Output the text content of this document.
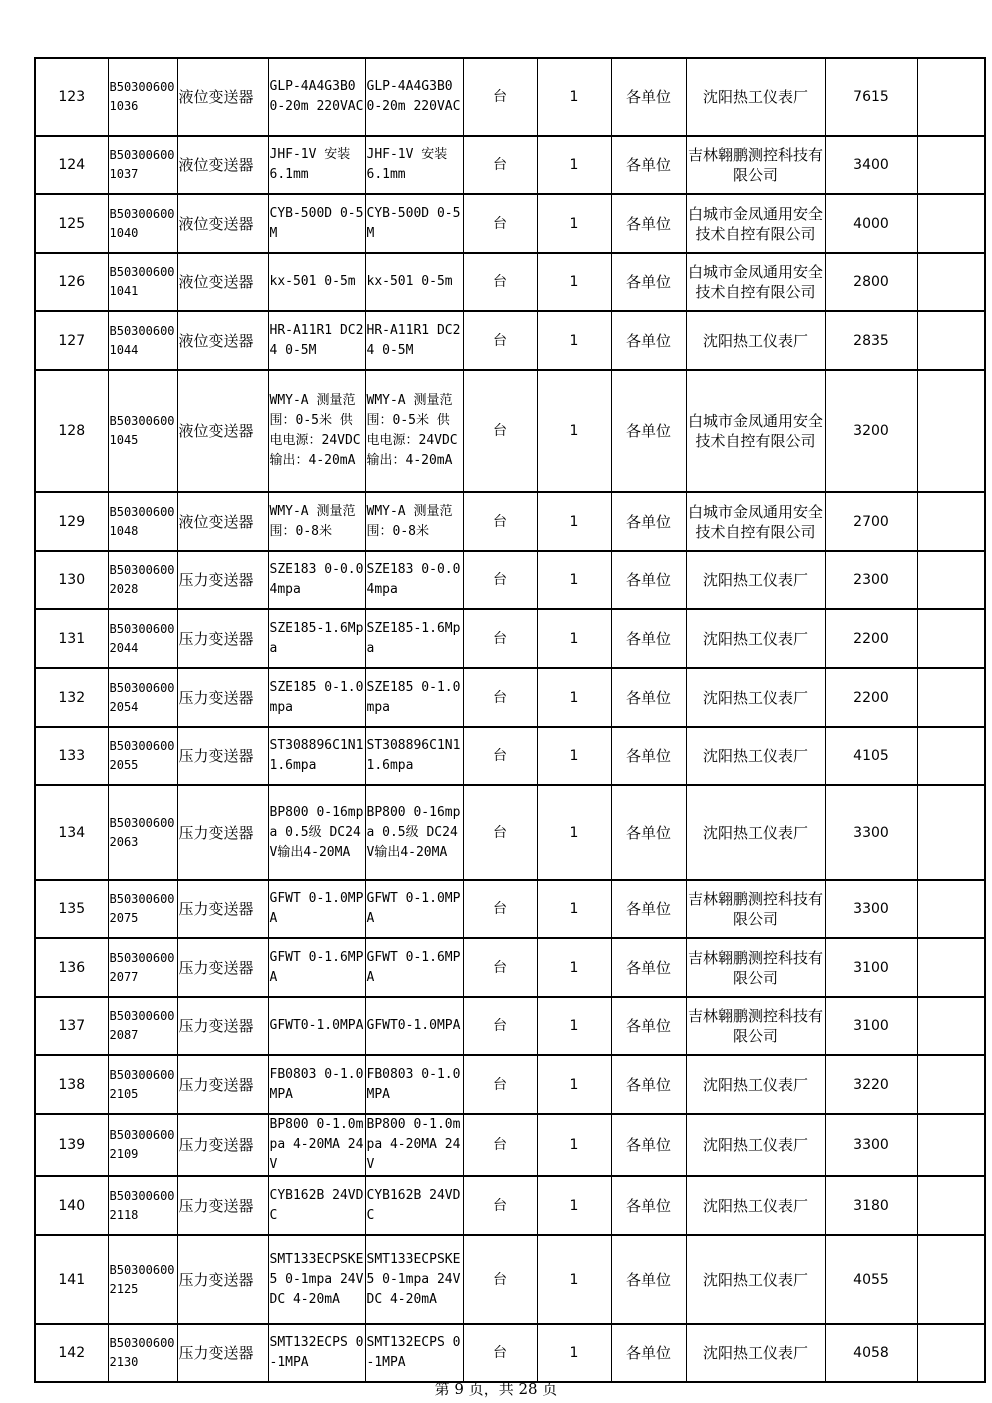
123	B503006001036	液位变送器	GLP-4A4G3B0 0-20m 220VAC	GLP-4A4G3B0 0-20m 220VAC	台	1	各单位	沈阳热工仪表厂	7615	
124	B503006001037	液位变送器	JHF-1V 安装6.1mm	JHF-1V 安装6.1mm	台	1	各单位	吉林翱鹏测控科技有限公司	3400	
125	B503006001040	液位变送器	CYB-500D 0-5M	CYB-500D 0-5M	台	1	各单位	白城市金凤通用安全技术自控有限公司	4000	
126	B503006001041	液位变送器	kx-501 0-5m	kx-501 0-5m	台	1	各单位	白城市金凤通用安全技术自控有限公司	2800	
127	B503006001044	液位变送器	HR-A11R1 DC24 0-5M	HR-A11R1 DC24 0-5M	台	1	各单位	沈阳热工仪表厂	2835	
128	B503006001045	液位变送器	WMY-A 测量范围：0-5米 供电电源：24VDC 输出：4-20mA	WMY-A 测量范围：0-5米 供电电源：24VDC 输出：4-20mA	台	1	各单位	白城市金凤通用安全技术自控有限公司	3200	
129	B503006001048	液位变送器	WMY-A 测量范围：0-8米	WMY-A 测量范围：0-8米	台	1	各单位	白城市金凤通用安全技术自控有限公司	2700	
130	B503006002028	压力变送器	SZE183 0-0.04mpa	SZE183 0-0.04mpa	台	1	各单位	沈阳热工仪表厂	2300	
131	B503006002044	压力变送器	SZE185-1.6Mpa	SZE185-1.6Mpa	台	1	各单位	沈阳热工仪表厂	2200	
132	B503006002054	压力变送器	SZE185 0-1.0mpa	SZE185 0-1.0mpa	台	1	各单位	沈阳热工仪表厂	2200	
133	B503006002055	压力变送器	ST308896C1N1 1.6mpa	ST308896C1N1 1.6mpa	台	1	各单位	沈阳热工仪表厂	4105	
134	B503006002063	压力变送器	BP800 0-16mpa 0.5级 DC24V输出4-20MA	BP800 0-16mpa 0.5级 DC24V输出4-20MA	台	1	各单位	沈阳热工仪表厂	3300	
135	B503006002075	压力变送器	GFWT 0-1.0MPA	GFWT 0-1.0MPA	台	1	各单位	吉林翱鹏测控科技有限公司	3300	
136	B503006002077	压力变送器	GFWT 0-1.6MPA	GFWT 0-1.6MPA	台	1	各单位	吉林翱鹏测控科技有限公司	3100	
137	B503006002087	压力变送器	GFWT0-1.0MPA	GFWT0-1.0MPA	台	1	各单位	吉林翱鹏测控科技有限公司	3100	
138	B503006002105	压力变送器	FB0803 0-1.0MPA	FB0803 0-1.0MPA	台	1	各单位	沈阳热工仪表厂	3220	
139	B503006002109	压力变送器	BP800 0-1.0mpa 4-20MA 24V	BP800 0-1.0mpa 4-20MA 24V	台	1	各单位	沈阳热工仪表厂	3300	
140	B503006002118	压力变送器	CYB162B 24VDC	CYB162B 24VDC	台	1	各单位	沈阳热工仪表厂	3180	
141	B503006002125	压力变送器	SMT133ECPSKE5 0-1mpa 24VDC 4-20mA	SMT133ECPSKE5 0-1mpa 24VDC 4-20mA	台	1	各单位	沈阳热工仪表厂	4055	
142	B503006002130	压力变送器	SMT132ECPS 0-1MPA	SMT132ECPS 0-1MPA	台	1	各单位	沈阳热工仪表厂	4058	
第 9 页，共 28 页
